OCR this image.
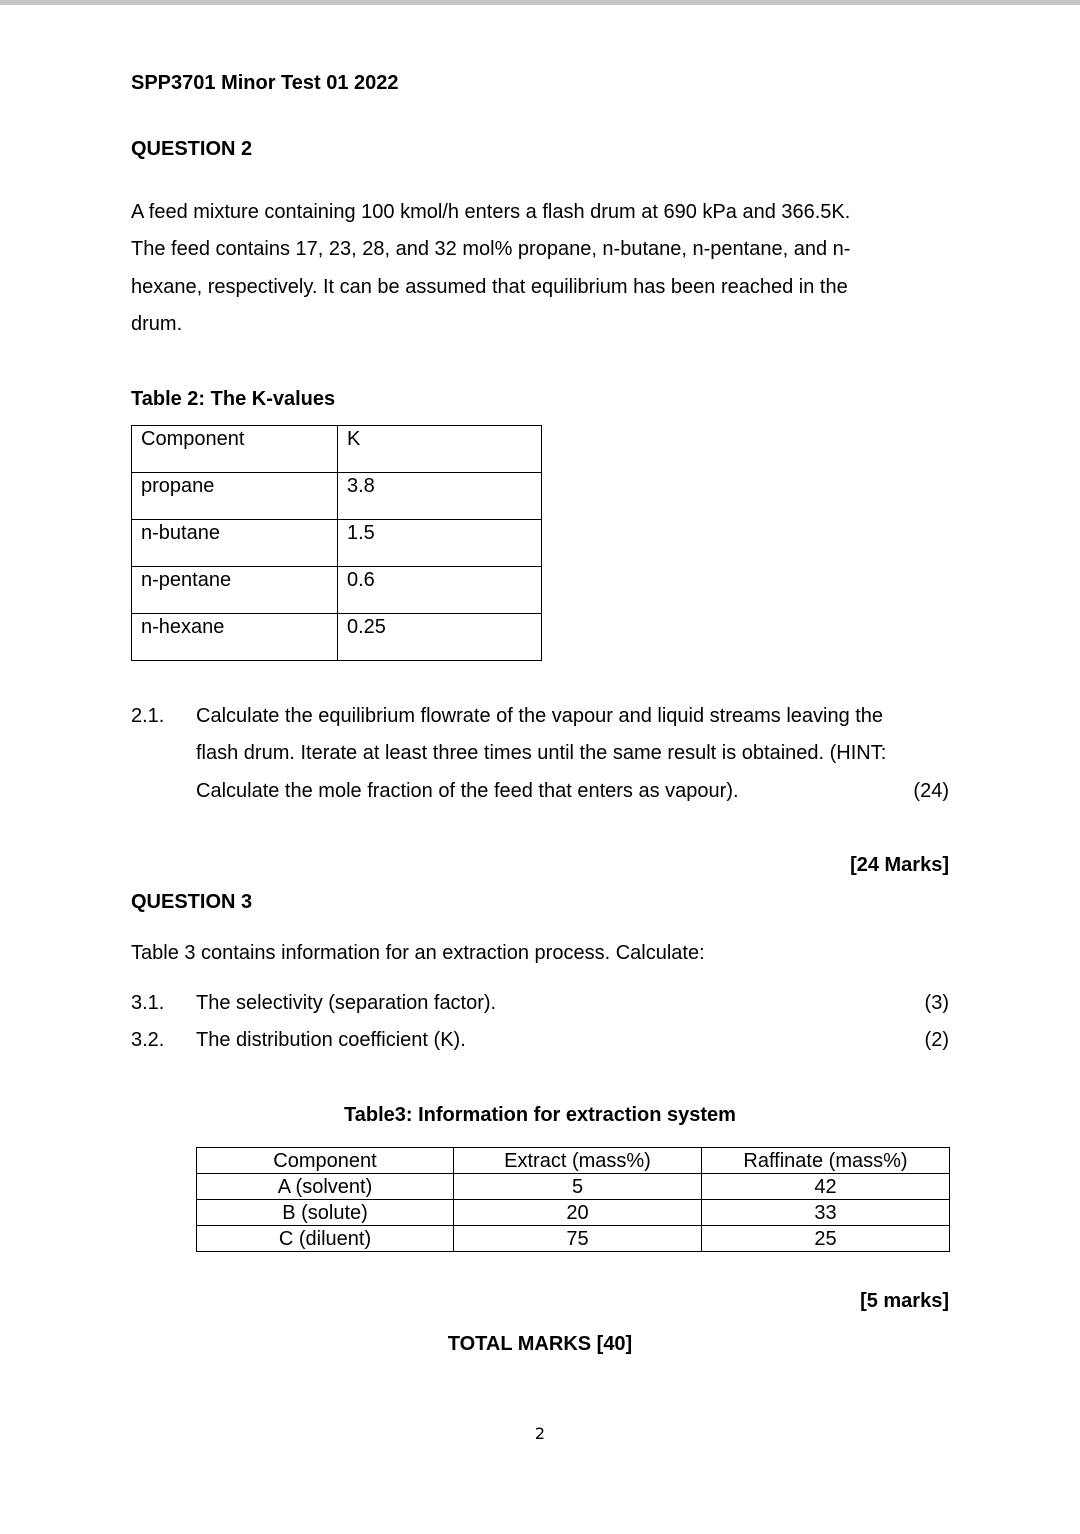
SPP3701 Minor Test 01 2022
QUESTION 2
A feed mixture containing 100 kmol/h enters a flash drum at 690 kPa and 366.5K.
The feed contains 17, 23, 28, and 32 mol% propane, n-butane, n-pentane, and n-
hexane, respectively. It can be assumed that equilibrium has been reached in the
drum.
Table 2: The K-values
Component	K
propane	3.8
n-butane	1.5
n-pentane	0.6
n-hexane	0.25
2.1. Calculate the equilibrium flowrate of the vapour and liquid streams leaving the
flash drum. Iterate at least three times until the same result is obtained. (HINT:
Calculate the mole fraction of the feed that enters as vapour).	(24)
[24 Marks]
QUESTION 3
Table 3 contains information for an extraction process. Calculate:
3.1. The selectivity (separation factor).	(3)
3.2. The distribution coefficient (K).	(2)
Table3: Information for extraction system
Component	Extract (mass%)	Raffinate (mass%)
A (solvent)	5	42
B (solute)	20	33
C (diluent)	75	25
[5 marks]
TOTAL MARKS [40]
2
